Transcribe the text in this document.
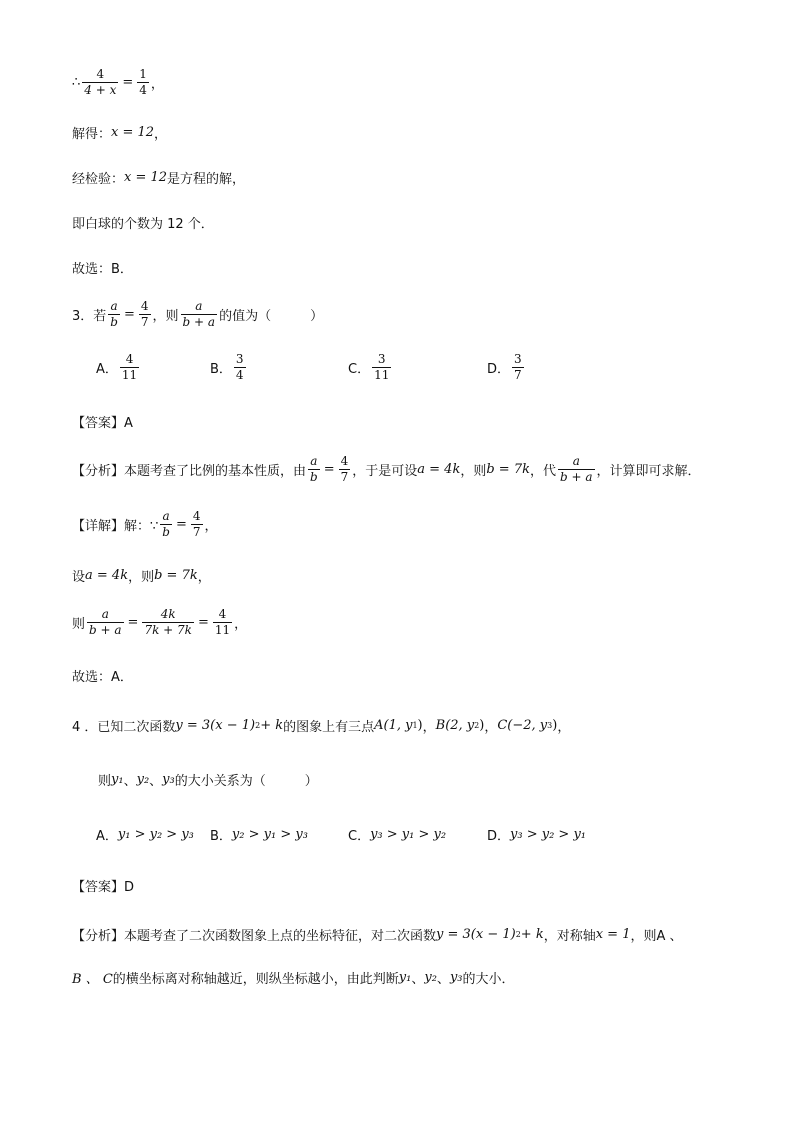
∴ $\frac{4}{4 + x} = \frac{1}{4}$ ，
解得： x = 12 ，
经检验： x = 12 是方程的解，
即白球的个数为 12 个．
故选：B．
3．若 $\frac{a}{b} = \frac{4}{7}$ ，则 $\frac{a}{b + a}$ 的值为（　　　）
A． $\frac{4}{11}$	B． $\frac{3}{4}$	C． $\frac{3}{11}$	D． $\frac{3}{7}$
【答案】A
【分析】本题考查了比例的基本性质，由 $\frac{a}{b} = \frac{4}{7}$ ，于是可设 a = 4k ，则 b = 7k ，代 $\frac{a}{b + a}$ ，计算即可求解．
【详解】解：∵ $\frac{a}{b} = \frac{4}{7}$ ，
设 a = 4k ，则 b = 7k ，
则 $\frac{a}{b + a} = \frac{4k}{7k + 7k} = \frac{4}{11}$ ，
故选：A．
4 ．已知二次函数 y = 3(x − 1) 2 + k 的图象上有三点 A(1, y 1 ) ， B(2, y 2 ) ， C(−2, y 3 ) ，
则 y₁ 、 y₂ 、 y₃ 的大小关系为（　　　）
A． y₁ > y₂ > y₃ B． y₂ > y₁ > y₃	C． y₃ > y₁ > y₂	D． y₃ > y₂ > y₁
【答案】D
【分析】本题考查了二次函数图象上点的坐标特征，对二次函数 y = 3(x − 1) 2 + k ，对称轴 x = 1 ，则A 、
B 、 C 的横坐标离对称轴越近，则纵坐标越小，由此判断 y₁ 、 y₂ 、 y₃ 的大小．
